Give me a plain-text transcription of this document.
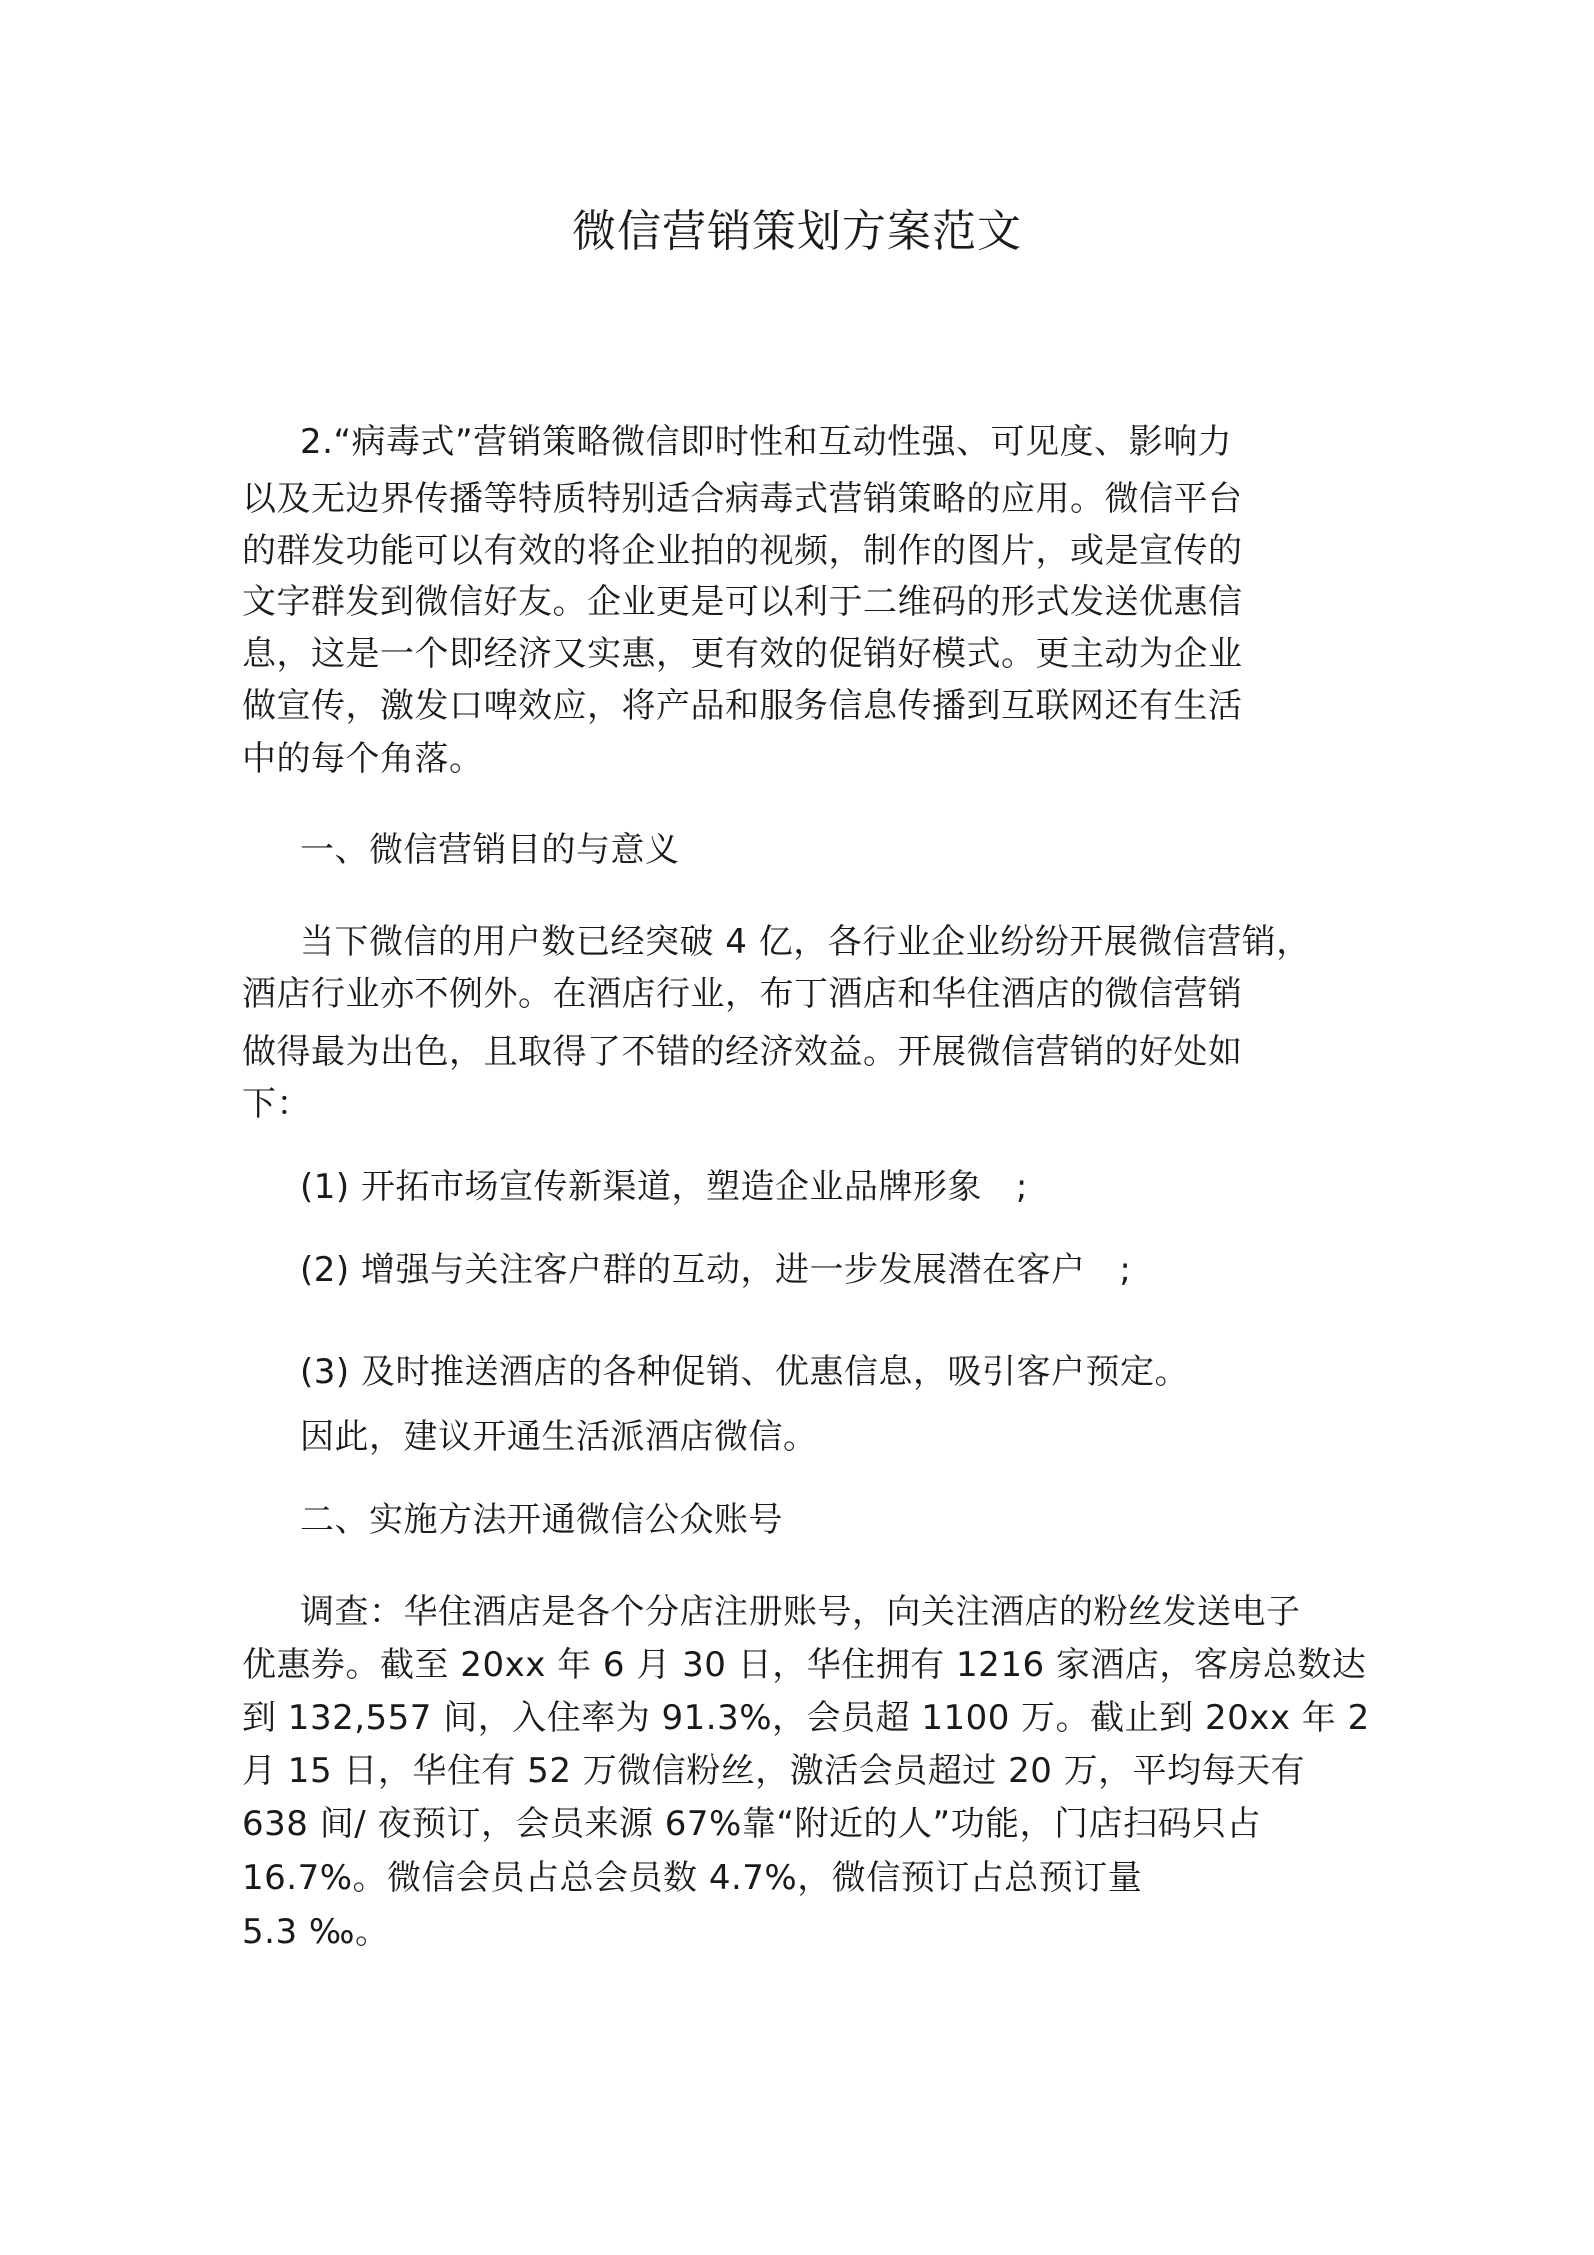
微信营销策划方案范文
2.“病毒式”营销策略微信即时性和互动性强、可见度、影响力
以及无边界传播等特质特别适合病毒式营销策略的应用。微信平台
的群发功能可以有效的将企业拍的视频，制作的图片，或是宣传的
文字群发到微信好友。企业更是可以利于二维码的形式发送优惠信
息，这是一个即经济又实惠，更有效的促销好模式。更主动为企业
做宣传，激发口啤效应，将产品和服务信息传播到互联网还有生活
中的每个角落。
一、微信营销目的与意义
当下微信的用户数已经突破 4 亿，各行业企业纷纷开展微信营销，
酒店行业亦不例外。在酒店行业，布丁酒店和华住酒店的微信营销
做得最为出色，且取得了不错的经济效益。开展微信营销的好处如
下：
(1) 开拓市场宣传新渠道，塑造企业品牌形象   ;
(2) 增强与关注客户群的互动，进一步发展潜在客户   ;
(3) 及时推送酒店的各种促销、优惠信息，吸引客户预定。
因此，建议开通生活派酒店微信。
二、实施方法开通微信公众账号
调查：华住酒店是各个分店注册账号，向关注酒店的粉丝发送电子
优惠券。截至 20xx 年 6 月 30 日，华住拥有 1216 家酒店，客房总数达
到 132,557 间，入住率为 91.3%，会员超 1100 万。截止到 20xx 年 2
月 15 日，华住有 52 万微信粉丝，激活会员超过 20 万，平均每天有
638 间/ 夜预订，会员来源 67%靠“附近的人”功能，门店扫码只占
16.7%。微信会员占总会员数 4.7%，微信预订占总预订量
5.3 ‰。
